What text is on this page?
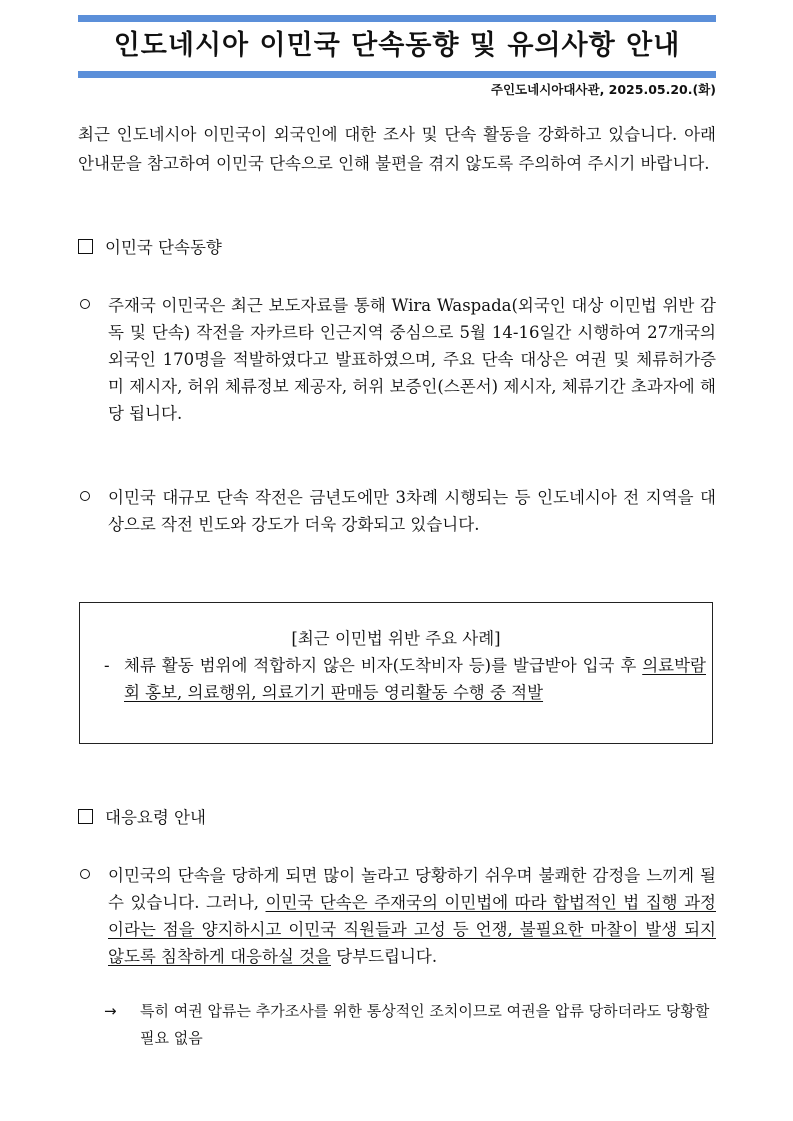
인도네시아 이민국 단속동향 및 유의사항 안내
주인도네시아대사관, 2025.05.20.(화)
최근 인도네시아 이민국이 외국인에 대한 조사 및 단속 활동을 강화하고 있습니다. 아래 안내문을 참고하여 이민국 단속으로 인해 불편을 겪지 않도록 주의하여 주시기 바랍니다.
이민국 단속동향
주재국 이민국은 최근 보도자료를 통해 Wira Waspada(외국인 대상 이민법 위반 감독 및 단속) 작전을 자카르타 인근지역 중심으로 5월 14-16일간 시행하여 27개국의 외국인 170명을 적발하였다고 발표하였으며, 주요 단속 대상은 여권 및 체류허가증 미 제시자, 허위 체류정보 제공자, 허위 보증인(스폰서) 제시자, 체류기간 초과자에 해당 됩니다.
이민국 대규모 단속 작전은 금년도에만 3차례 시행되는 등 인도네시아 전 지역을 대상으로 작전 빈도와 강도가 더욱 강화되고 있습니다.
[최근 이민법 위반 주요 사례]
- 체류 활동 범위에 적합하지 않은 비자(도착비자 등)를 발급받아 입국 후 의료박람회 홍보, 의료행위, 의료기기 판매등 영리활동 수행 중 적발
대응요령 안내
이민국의 단속을 당하게 되면 많이 놀라고 당황하기 쉬우며 불쾌한 감정을 느끼게 될 수 있습니다. 그러나, 이민국 단속은 주재국의 이민법에 따라 합법적인 법 집행 과정이라는 점을 양지하시고 이민국 직원들과 고성 등 언쟁, 불필요한 마찰이 발생 되지 않도록 침착하게 대응하실 것을 당부드립니다.
→ 특히 여권 압류는 추가조사를 위한 통상적인 조치이므로 여권을 압류 당하더라도 당황할 필요 없음
